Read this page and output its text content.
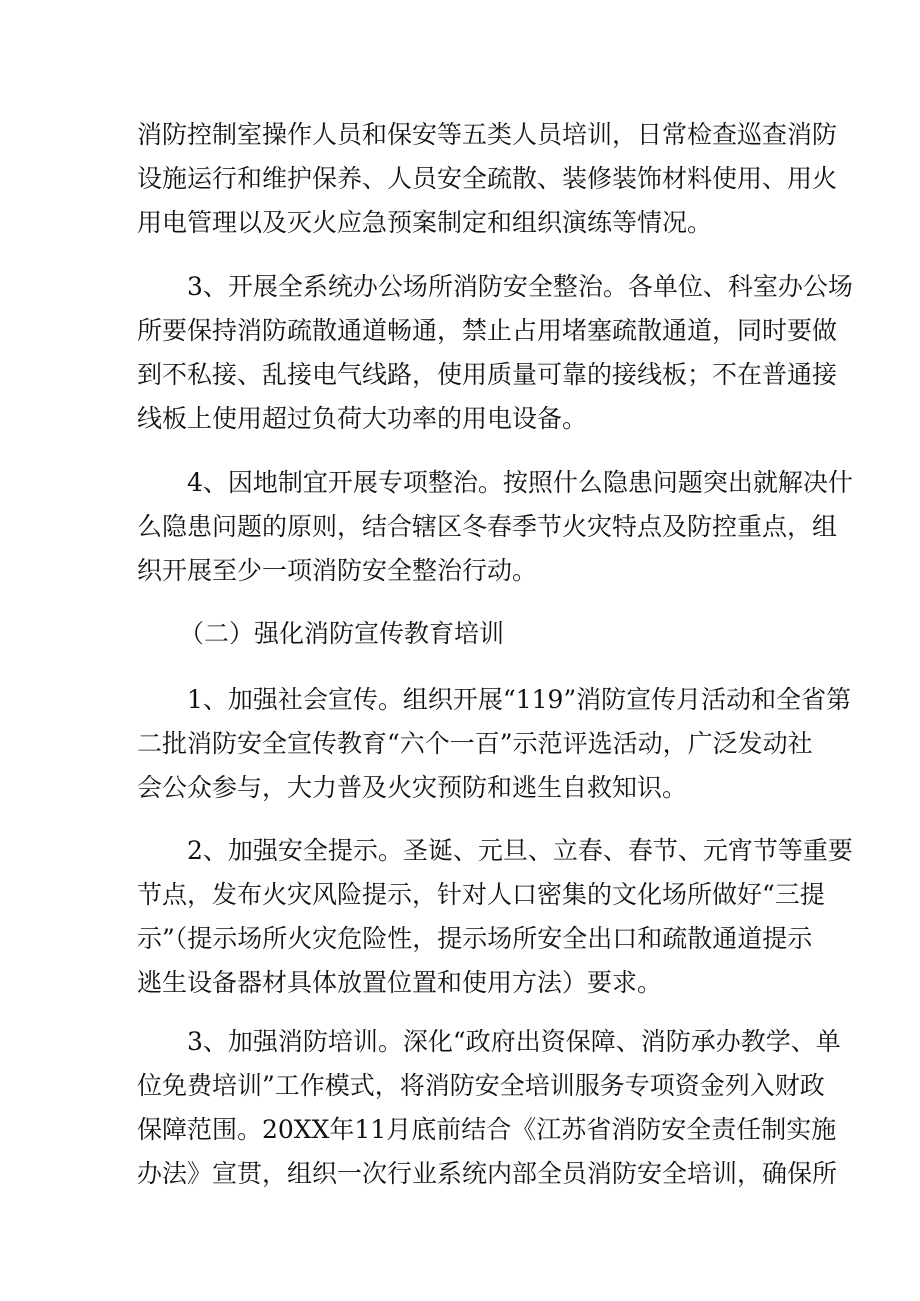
消防控制室操作人员和保安等五类人员培训，日常检查巡查消防
设施运行和维护保养、人员安全疏散、装修装饰材料使用、用火
用电管理以及灭火应急预案制定和组织演练等情况。
3、开展全系统办公场所消防安全整治。各单位、科室办公场
所要保持消防疏散通道畅通，禁止占用堵塞疏散通道，同时要做
到不私接、乱接电气线路，使用质量可靠的接线板；不在普通接
线板上使用超过负荷大功率的用电设备。
4、因地制宜开展专项整治。按照什么隐患问题突出就解决什
么隐患问题的原则，结合辖区冬春季节火灾特点及防控重点，组
织开展至少一项消防安全整治行动。
（二）强化消防宣传教育培训
1、加强社会宣传。组织开展“119”消防宣传月活动和全省第
二批消防安全宣传教育“六个一百”示范评选活动，广泛发动社
会公众参与，大力普及火灾预防和逃生自救知识。
2、加强安全提示。圣诞、元旦、立春、春节、元宵节等重要
节点，发布火灾风险提示，针对人口密集的文化场所做好“三提
示”（提示场所火灾危险性，提示场所安全出口和疏散通道提示
逃生设备器材具体放置位置和使用方法）要求。
3、加强消防培训。深化“政府出资保障、消防承办教学、单
位免费培训”工作模式，将消防安全培训服务专项资金列入财政
保障范围。20XX年11月底前结合《江苏省消防安全责任制实施
办法》宣贯，组织一次行业系统内部全员消防安全培训，确保所
